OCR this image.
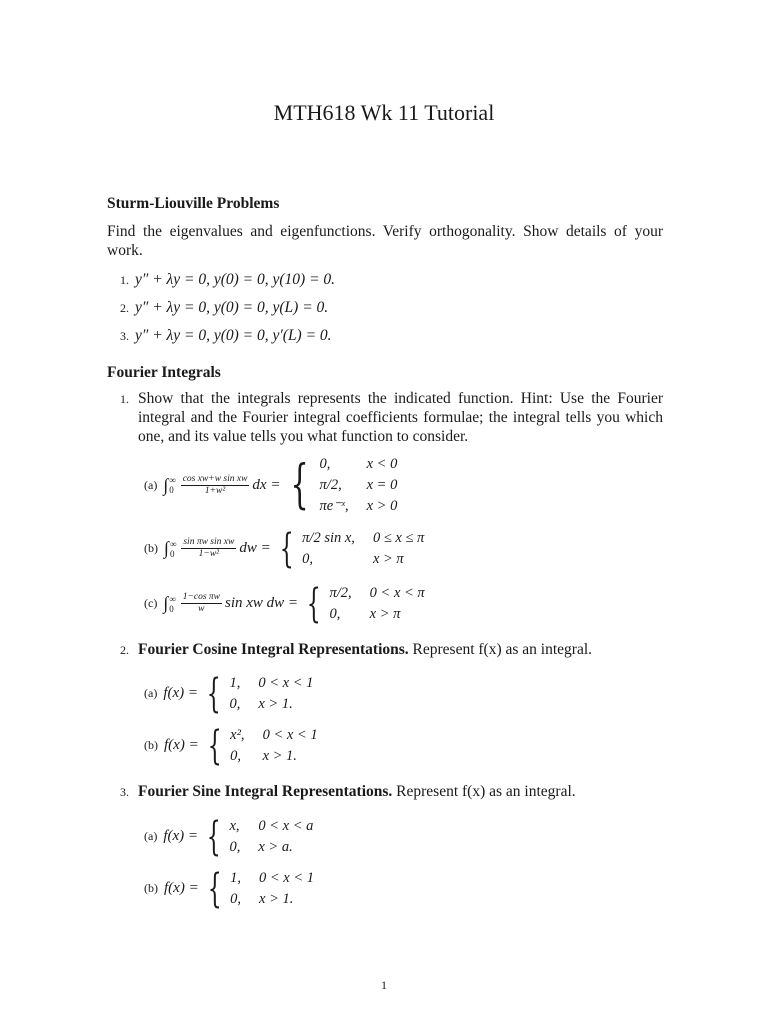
MTH618 Wk 11 Tutorial
Sturm-Liouville Problems
Find the eigenvalues and eigenfunctions. Verify orthogonality. Show details of your work.
1. y″ + λy = 0, y(0) = 0, y(10) = 0.
2. y″ + λy = 0, y(0) = 0, y(L) = 0.
3. y″ + λy = 0, y(0) = 0, y′(L) = 0.
Fourier Integrals
1. Show that the integrals represents the indicated function. Hint: Use the Fourier integral and the Fourier integral coefficients formulae; the integral tells you which one, and its value tells you what function to consider.
(a) ∫ ∞
$0 \frac{\text{cos xw+w sin xw}}{\text{1+w²}}$ dx = { 0,	x < 0
π/2,	x = 0
πe⁻ˣ, x > 0
(b) ∫ ∞
$0 \frac{\text{sin πw sin xw}}{\text{1−w²}}$ dw = { π/2 sin x, 0 ≤ x ≤ π
0,	x > π
(c) ∫ ∞
$0 \frac{\text{1−cos πw}}{w}$ sin xw dw = { π/2, 0 < x < π
0,	x > π
2. Fourier Cosine Integral Representations. Represent f(x) as an integral.
(a) f(x) = { 1, 0 < x < 1
0, x > 1.
(b) f(x) = { x², 0 < x < 1
0, x > 1.
3. Fourier Sine Integral Representations. Represent f(x) as an integral.
(a) f(x) = { x, 0 < x < a
0, x > a.
(b) f(x) = { 1, 0 < x < 1
0, x > 1.
1
